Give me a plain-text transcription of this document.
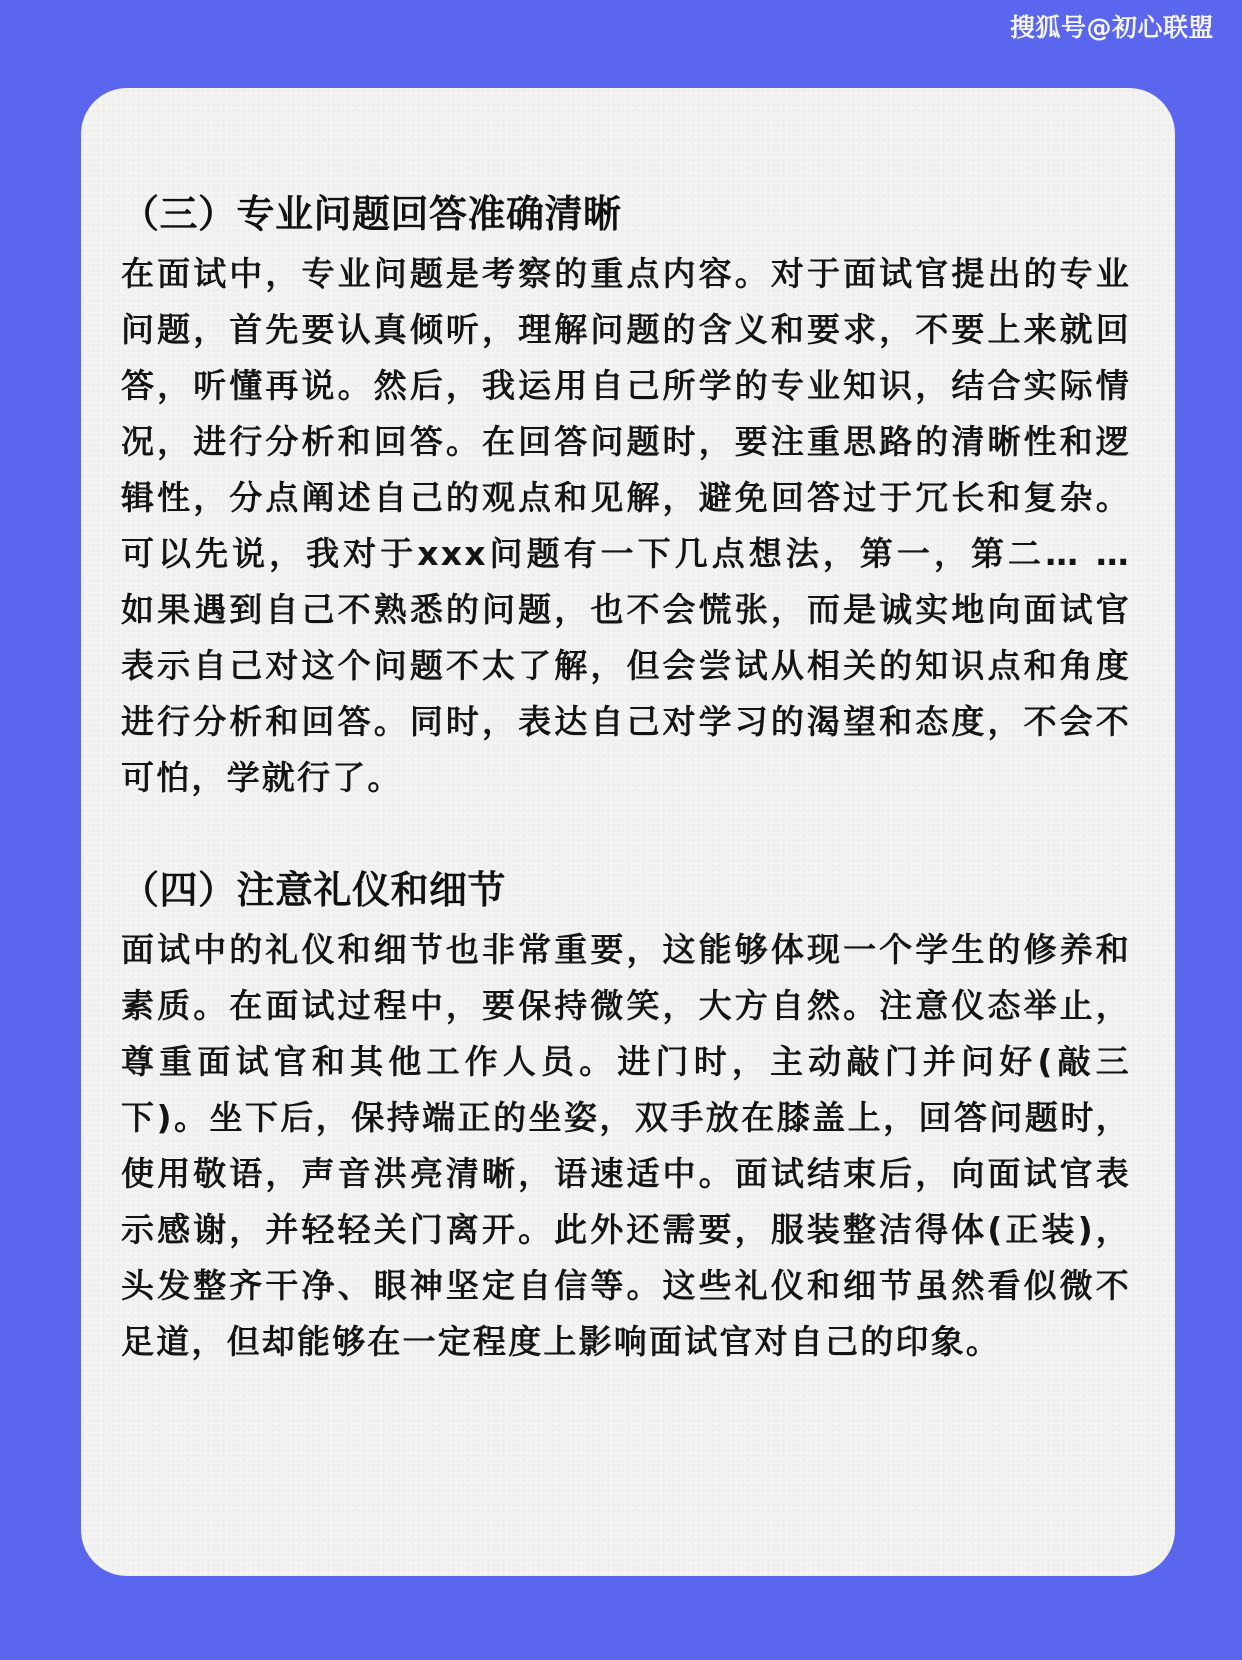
搜狐号@初心联盟
（三）专业问题回答准确清晰

在面试中，专业问题是考察的重点内容。对于面试官提出的专业问题，首先要认真倾听，理解问题的含义和要求，不要上来就回答，听懂再说。然后，我运用自己所学的专业知识，结合实际情况，进行分析和回答。在回答问题时，要注重思路的清晰性和逻辑性，分点阐述自己的观点和见解，避免回答过于冗长和复杂。可以先说，我对于xxx问题有一下几点想法，第一，第二… … 如果遇到自己不熟悉的问题，也不会慌张，而是诚实地向面试官表示自己对这个问题不太了解，但会尝试从相关的知识点和角度进行分析和回答。同时，表达自己对学习的渴望和态度，不会不可怕，学就行了。

（四）注意礼仪和细节

面试中的礼仪和细节也非常重要，这能够体现一个学生的修养和素质。在面试过程中，要保持微笑，大方自然。注意仪态举止，尊重面试官和其他工作人员。进门时，主动敲门并问好(敲三下)。坐下后，保持端正的坐姿，双手放在膝盖上，回答问题时，使用敬语，声音洪亮清晰，语速适中。面试结束后，向面试官表示感谢，并轻轻关门离开。此外还需要，服装整洁得体(正装)，头发整齐干净、眼神坚定自信等。这些礼仪和细节虽然看似微不足道，但却能够在一定程度上影响面试官对自己的印象。
